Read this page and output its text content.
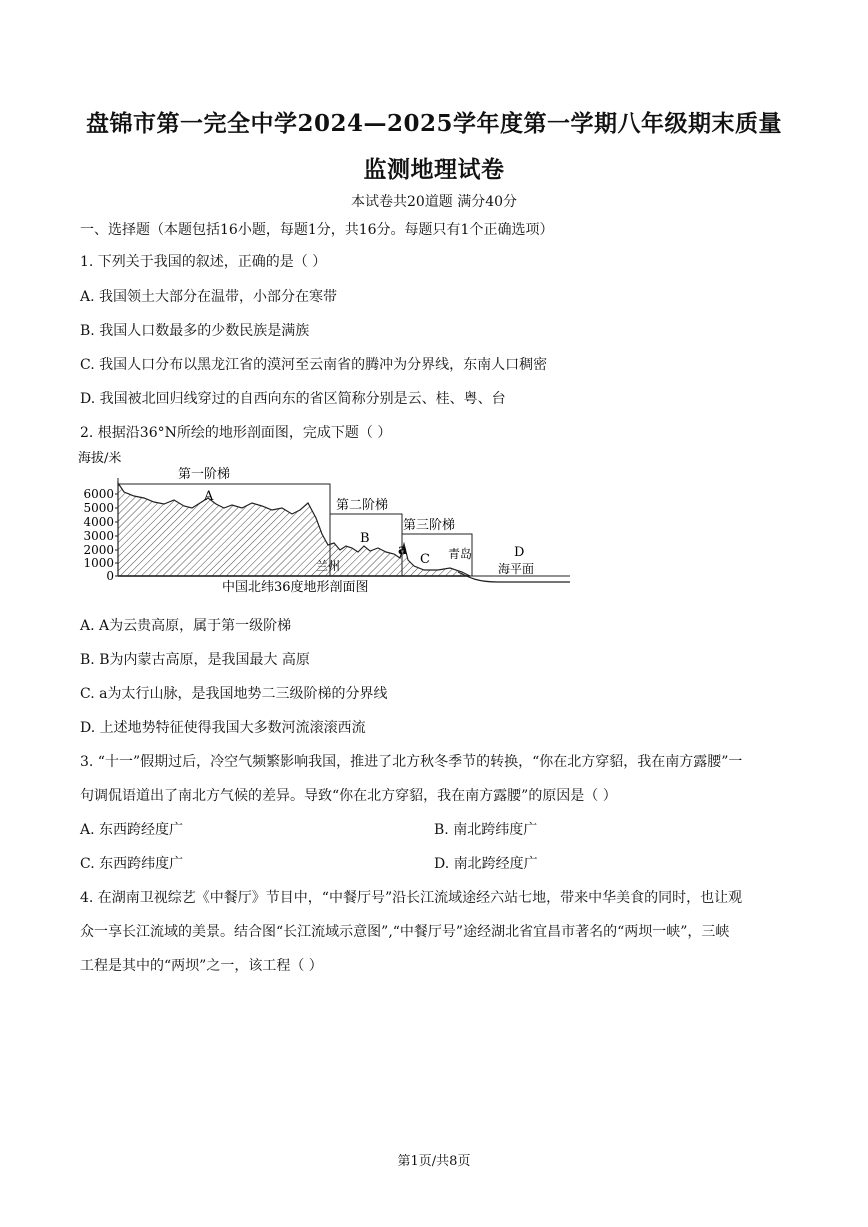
盘锦市第一完全中学2024—2025学年度第一学期八年级期末质量
监测地理试卷
本试卷共20道题 满分40分
一、选择题（本题包括16小题，每题1分，共16分。每题只有1个正确选项）
1. 下列关于我国的叙述，正确的是（ ）
A. 我国领土大部分在温带，小部分在寒带
B. 我国人口数最多的少数民族是满族
C. 我国人口分布以黑龙江省的漠河至云南省的腾冲为分界线，东南人口稠密
D. 我国被北回归线穿过的自西向东的省区简称分别是云、桂、粤、台
2. 根据沿36°N所绘的地形剖面图，完成下题（ ）
海拔/米
6000
5000
4000
3000
2000
1000
0
第一阶梯
第二阶梯
第三阶梯
A
B
a
C	D
兰州
青岛
海平面
中国北纬36度地形剖面图
A. A为云贵高原，属于第一级阶梯
B. B为内蒙古高原，是我国最大 高原
C. a为太行山脉，是我国地势二三级阶梯的分界线
D. 上述地势特征使得我国大多数河流滚滚西流
3. “十一”假期过后，冷空气频繁影响我国，推进了北方秋冬季节的转换，“你在北方穿貂，我在南方露腰”一
句调侃语道出了南北方气候的差异。导致“你在北方穿貂，我在南方露腰”的原因是（ ）
A. 东西跨经度广	B. 南北跨纬度广
C. 东西跨纬度广	D. 南北跨经度广
4. 在湖南卫视综艺《中餐厅》节目中，“中餐厅号”沿长江流域途经六站七地，带来中华美食的同时，也让观
众一享长江流域的美景。结合图“长江流域示意图”,“中餐厅号”途经湖北省宜昌市著名的“两坝一峡”，三峡
工程是其中的“两坝”之一，该工程（ ）
第1页/共8页
